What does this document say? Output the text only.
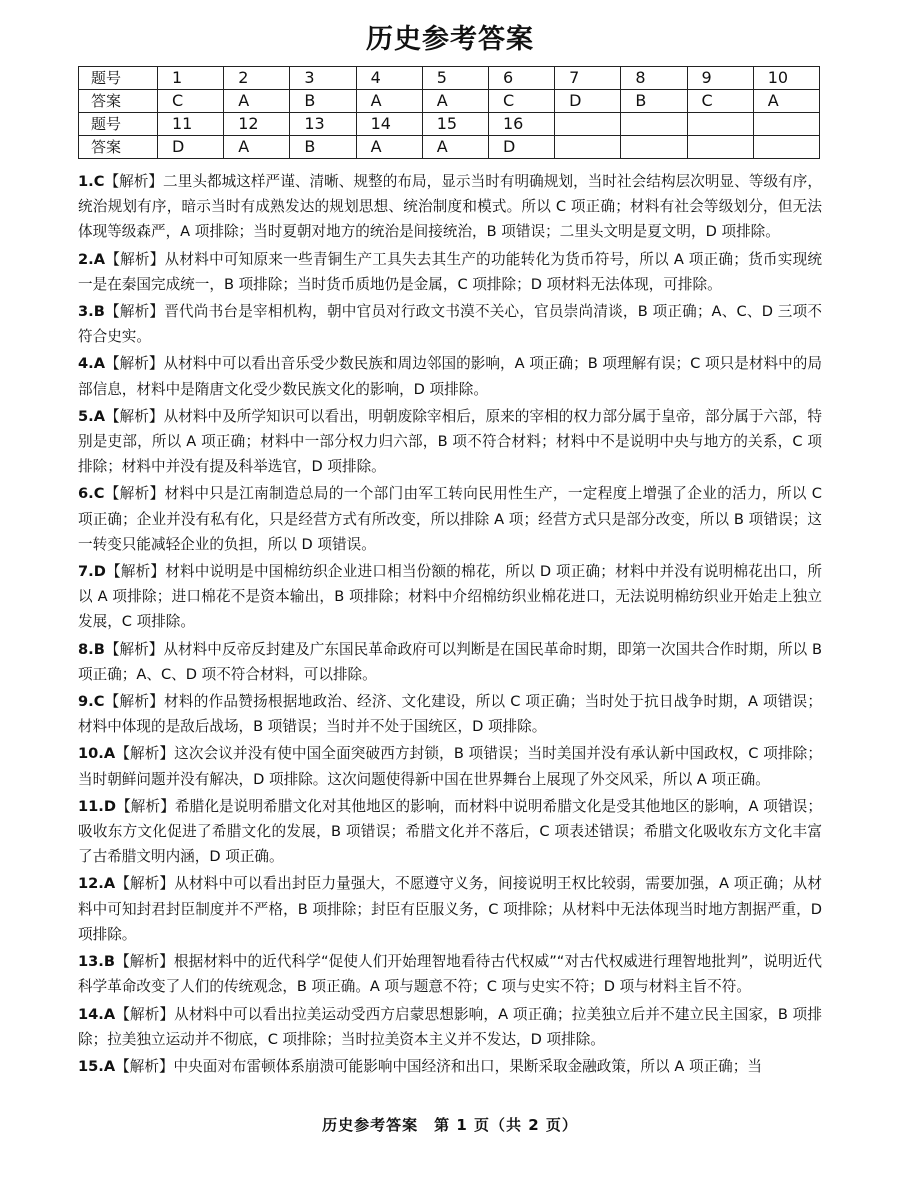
历史参考答案
题号	1	2	3	4	5	6	7	8	9	10
答案	C	A	B	A	A	C	D	B	C	A
题号	11	12	13	14	15	16				
答案	D	A	B	A	A	D				
1.C【解析】二里头都城这样严谨、清晰、规整的布局，显示当时有明确规划，当时社会结构层次明显、等级有序，统治规划有序，暗示当时有成熟发达的规划思想、统治制度和模式。所以 C 项正确；材料有社会等级划分，但无法体现等级森严，A 项排除；当时夏朝对地方的统治是间接统治，B 项错误；二里头文明是夏文明，D 项排除。
2.A【解析】从材料中可知原来一些青铜生产工具失去其生产的功能转化为货币符号，所以 A 项正确；货币实现统一是在秦国完成统一，B 项排除；当时货币质地仍是金属，C 项排除；D 项材料无法体现，可排除。
3.B【解析】晋代尚书台是宰相机构，朝中官员对行政文书漠不关心，官员崇尚清谈，B 项正确；A、C、D 三项不符合史实。
4.A【解析】从材料中可以看出音乐受少数民族和周边邻国的影响，A 项正确；B 项理解有误；C 项只是材料中的局部信息，材料中是隋唐文化受少数民族文化的影响，D 项排除。
5.A【解析】从材料中及所学知识可以看出，明朝废除宰相后，原来的宰相的权力部分属于皇帝，部分属于六部，特别是吏部，所以 A 项正确；材料中一部分权力归六部，B 项不符合材料；材料中不是说明中央与地方的关系，C 项排除；材料中并没有提及科举选官，D 项排除。
6.C【解析】材料中只是江南制造总局的一个部门由军工转向民用性生产，一定程度上增强了企业的活力，所以 C 项正确；企业并没有私有化，只是经营方式有所改变，所以排除 A 项；经营方式只是部分改变，所以 B 项错误；这一转变只能减轻企业的负担，所以 D 项错误。
7.D【解析】材料中说明是中国棉纺织企业进口相当份额的棉花，所以 D 项正确；材料中并没有说明棉花出口，所以 A 项排除；进口棉花不是资本输出，B 项排除；材料中介绍棉纺织业棉花进口，无法说明棉纺织业开始走上独立发展，C 项排除。
8.B【解析】从材料中反帝反封建及广东国民革命政府可以判断是在国民革命时期，即第一次国共合作时期，所以 B 项正确；A、C、D 项不符合材料，可以排除。
9.C【解析】材料的作品赞扬根据地政治、经济、文化建设，所以 C 项正确；当时处于抗日战争时期，A 项错误；材料中体现的是敌后战场，B 项错误；当时并不处于国统区，D 项排除。
10.A【解析】这次会议并没有使中国全面突破西方封锁，B 项错误；当时美国并没有承认新中国政权，C 项排除；当时朝鲜问题并没有解决，D 项排除。这次问题使得新中国在世界舞台上展现了外交风采，所以 A 项正确。
11.D【解析】希腊化是说明希腊文化对其他地区的影响，而材料中说明希腊文化是受其他地区的影响，A 项错误；吸收东方文化促进了希腊文化的发展，B 项错误；希腊文化并不落后，C 项表述错误；希腊文化吸收东方文化丰富了古希腊文明内涵，D 项正确。
12.A【解析】从材料中可以看出封臣力量强大，不愿遵守义务，间接说明王权比较弱，需要加强，A 项正确；从材料中可知封君封臣制度并不严格，B 项排除；封臣有臣服义务，C 项排除；从材料中无法体现当时地方割据严重，D 项排除。
13.B【解析】根据材料中的近代科学“促使人们开始理智地看待古代权威”“对古代权威进行理智地批判”，说明近代科学革命改变了人们的传统观念，B 项正确。A 项与题意不符；C 项与史实不符；D 项与材料主旨不符。
14.A【解析】从材料中可以看出拉美运动受西方启蒙思想影响，A 项正确；拉美独立后并不建立民主国家，B 项排除；拉美独立运动并不彻底，C 项排除；当时拉美资本主义并不发达，D 项排除。
15.A【解析】中央面对布雷顿体系崩溃可能影响中国经济和出口，果断采取金融政策，所以 A 项正确；当
历史参考答案　第 1 页（共 2 页）
